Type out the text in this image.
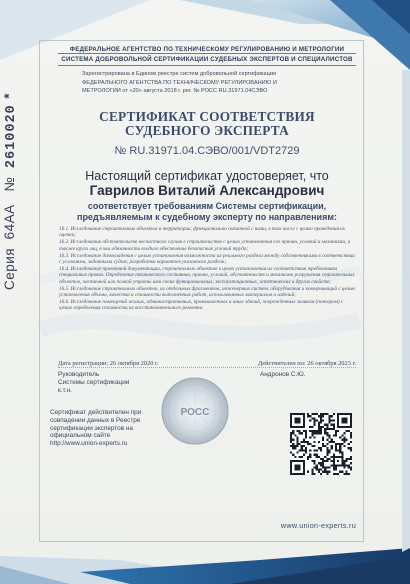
Серия  64АА   №  2610020 *
ФЕДЕРАЛЬНОЕ АГЕНТСТВО ПО ТЕХНИЧЕСКОМУ РЕГУЛИРОВАНИЮ И МЕТРОЛОГИИ
СИСТЕМА ДОБРОВОЛЬНОЙ СЕРТИФИКАЦИИ СУДЕБНЫХ ЭКСПЕРТОВ И СПЕЦИАЛИСТОВ
Зарегистрирована в Едином реестре систем добровольной сертификации
ФЕДЕРАЛЬНОГО АГЕНТСТВА ПО ТЕХНИЧЕСКОМУ РЕГУЛИРОВАНИЮ И
МЕТРОЛОГИИ от «20» августа 2018 г. рег. № РОСС RU.31971.04СЭВО
СЕРТИФИКАТ СООТВЕТСТВИЯ
СУДЕБНОГО ЭКСПЕРТА
№ RU.31971.04.СЭВО/001/VDT2729
Настоящий сертификат удостоверяет, что
Гаврилов Виталий Александрович
соответствует требованиям Системы сертификации,
предъявляемым к судебному эксперту по направлениям:

16.1. Исследование строительных объектов и территории, функционально связанной с ними, в том числе с целью проведения их оценки;

16.2. Исследование обстоятельств несчастного случая в строительстве с целью установления его причин, условий и механизма, а также круга лиц, в чьи обязанности входило обеспечение безопасных условий труда;

16.3. Исследование домовладения с целью установления возможности их реального раздела между собственниками в соответствии с условиями, заданными судом; разработка вариантов указанного раздела;

16.4. Исследование проектной документации, строительных объектов в целях установления их соответствия требованиям специальных правил. Определение технического состояния, причин, условий, обстоятельств и механизма разрушения строительных объектов, частичной или полной утраты ими своих функциональных, эксплуатационных, эстетических и других свойств;

16.5. Исследование строительных объектов, их отдельных фрагментов, инженерных систем, оборудования и коммуникаций с целью установления объема, качества и стоимости выполненных работ, использованных материалов и изделий;

16.6. Исследование помещений жилых, административных, промышленных и иных зданий, поврежденных заливом (пожаром) с целью определения стоимости их восстановительного ремонта.

Дата регистрации: 26 октября 2020 г.	Действителен по: 26 октября 2023 г.
Руководитель
Системы сертификации
к.т.н.
Андронов С.Ю.
РОСС
Сертификат действителен при
совпадении данных в Реестре
сертификации экспертов на
официальном сайте
http://www.union-experts.ru
www.union-experts.ru
